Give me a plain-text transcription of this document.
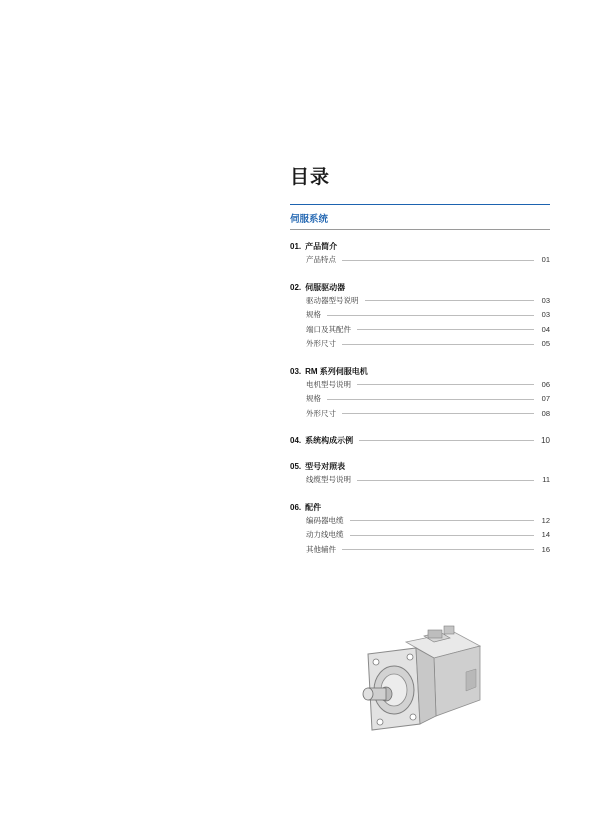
目录
伺服系统
01. 产品简介
产品特点	01
02. 伺服驱动器
驱动器型号说明	03
规格	03
端口及其配件	04
外形尺寸	05
03. RM 系列伺服电机
电机型号说明	06
规格	07
外形尺寸	08
04. 系统构成示例	10
05. 型号对照表
线缆型号说明	11
06. 配件
编码器电缆	12
动力线电缆	14
其他辅件	16
